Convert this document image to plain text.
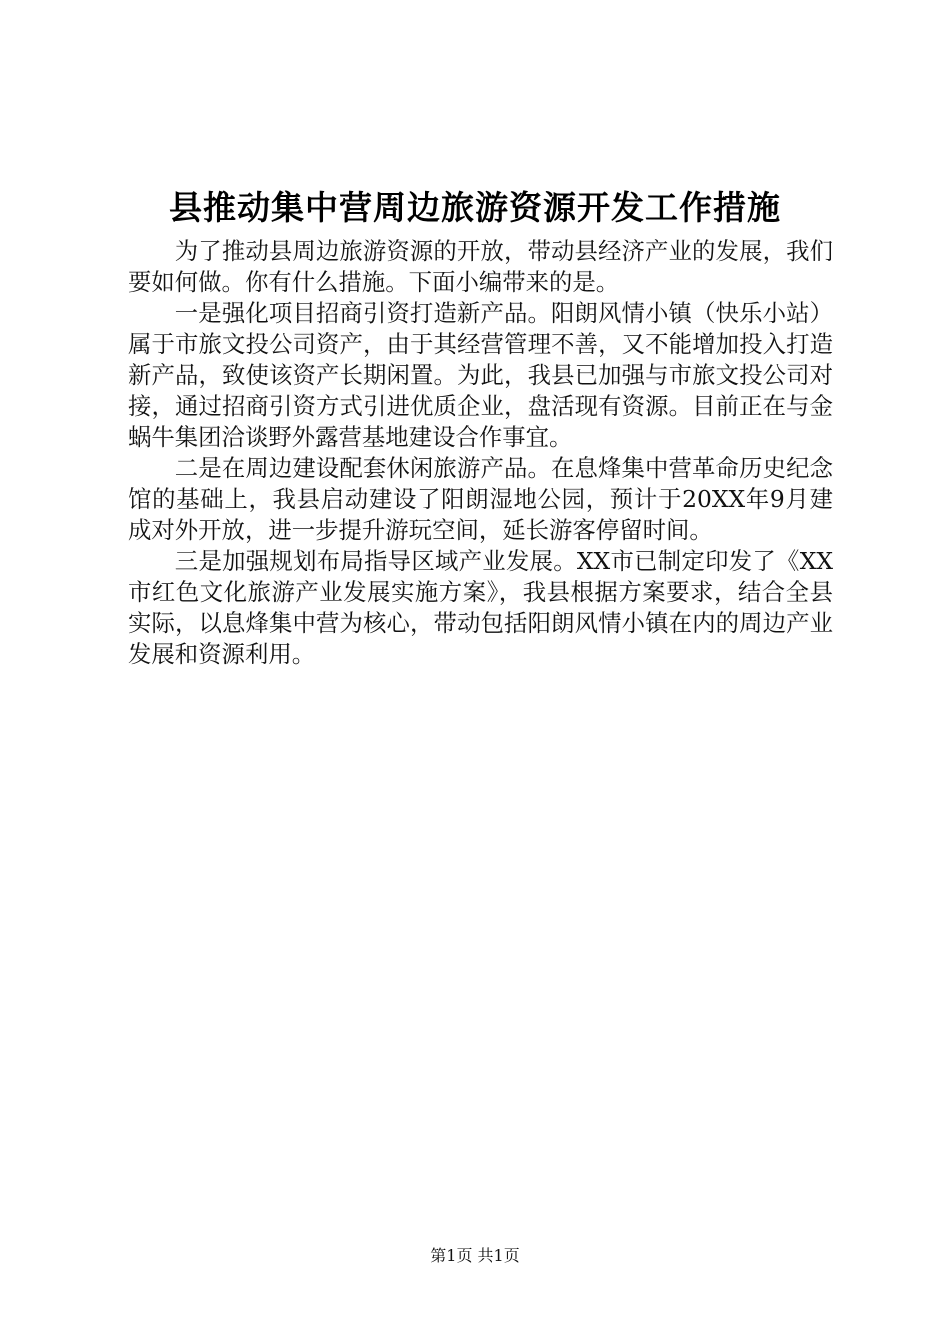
县推动集中营周边旅游资源开发工作措施

为了推动县周边旅游资源的开放，带动县经济产业的发展，我们要如何做。你有什么措施。下面小编带来的是。

一是强化项目招商引资打造新产品。阳朗风情小镇（快乐小站）属于市旅文投公司资产，由于其经营管理不善，又不能增加投入打造新产品，致使该资产长期闲置。为此，我县已加强与市旅文投公司对接，通过招商引资方式引进优质企业，盘活现有资源。目前正在与金蜗牛集团洽谈野外露营基地建设合作事宜。

二是在周边建设配套休闲旅游产品。在息烽集中营革命历史纪念馆的基础上，我县启动建设了阳朗湿地公园，预计于20XX年9月建成对外开放，进一步提升游玩空间，延长游客停留时间。

三是加强规划布局指导区域产业发展。XX市已制定印发了《XX市红色文化旅游产业发展实施方案》，我县根据方案要求，结合全县实际，以息烽集中营为核心，带动包括阳朗风情小镇在内的周边产业发展和资源利用。

第1页 共1页
